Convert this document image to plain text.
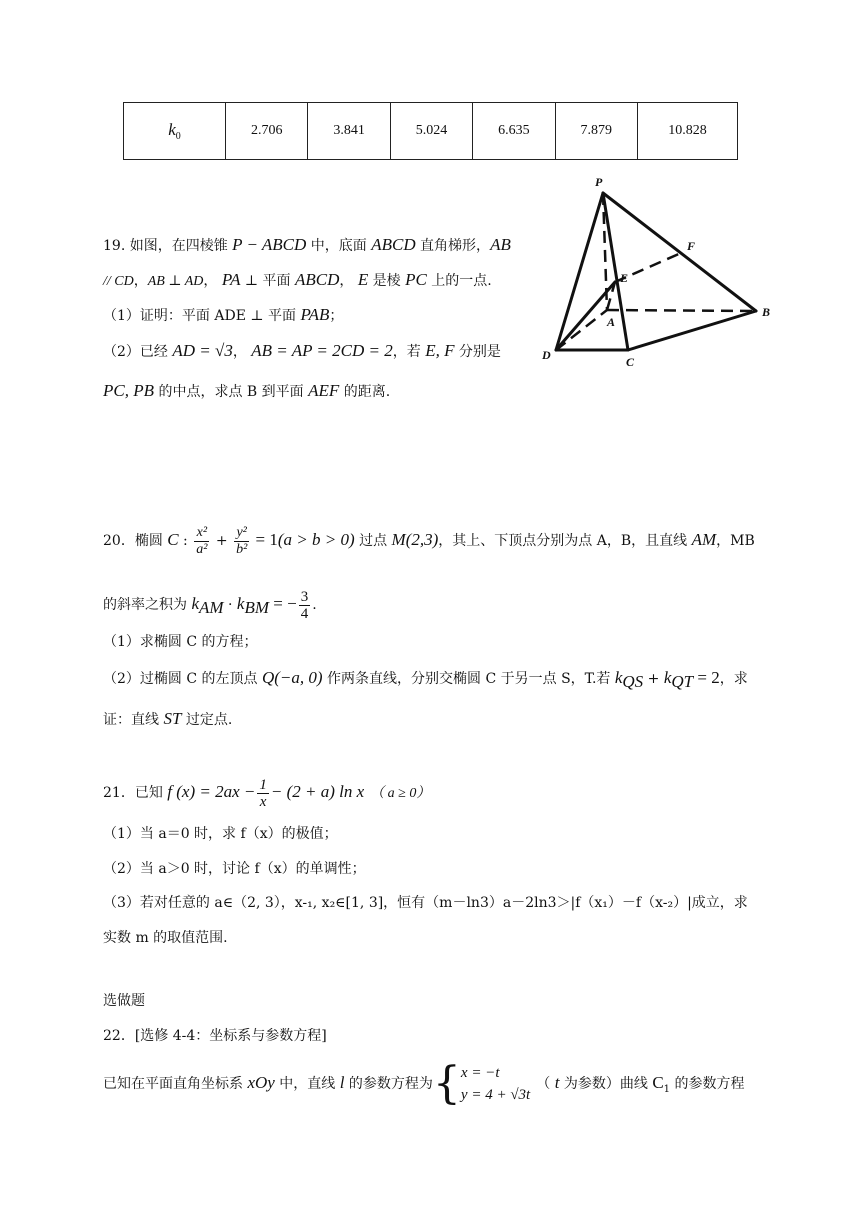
$k_0$	2.706	3.841	5.024	6.635	7.879	10.828
P
F
E
A
B
D	C
19. 如图，在四棱锥 P − ABCD 中，底面 ABCD 直角梯形，AB
// CD，AB ⊥ AD， PA ⊥ 平面 ABCD， E 是棱 PC 上的一点.
（1）证明：平面 ADE ⊥ 平面 PAB；
（2）已经 AD = √3， AB = AP = 2CD = 2，若 E, F 分别是
PC, PB 的中点，求点 B 到平面 AEF 的距离.
20．椭圆 C : $\frac{\text{x²}}{\text{a²}} + \frac{\text{y²}}{\text{b²}} = 1(a > b > 0)$ 过点 M(2,3)，其上、下顶点分别为点 A，B，且直线 AM，MB
的斜率之积为 $k_{AM} \cdot k_{BM}$ = − $\frac{3}{4}$ .
（1）求椭圆 C 的方程；
（2）过椭圆 C 的左顶点 Q(−a, 0) 作两条直线，分别交椭圆 C 于另一点 S，T.若 $k_{QS} + k_{QT} = 2$，求
证：直线 ST 过定点.
21．已知 f $(x) = 2ax - \frac{1}{x} - (2 + a)$ ln x （ a ≥ 0）
（1）当 a＝0 时，求 f（x）的极值；
（2）当 a＞0 时，讨论 f（x）的单调性；
（3）若对任意的 a∈（2, 3），x-₁, x₂∈[1, 3]，恒有（m－ln3）a－2ln3＞|f（x₁）－f（x-₂）|成立，求
实数 m 的取值范围.
选做题
22．[选修 4-4：坐标系与参数方程]
已知在平面直角坐标系 xOy 中，直线 l 的参数方程为{ x = −t
y = 4 + √3t
（ t 为参数）曲线 $C_1$ 的参数方程
